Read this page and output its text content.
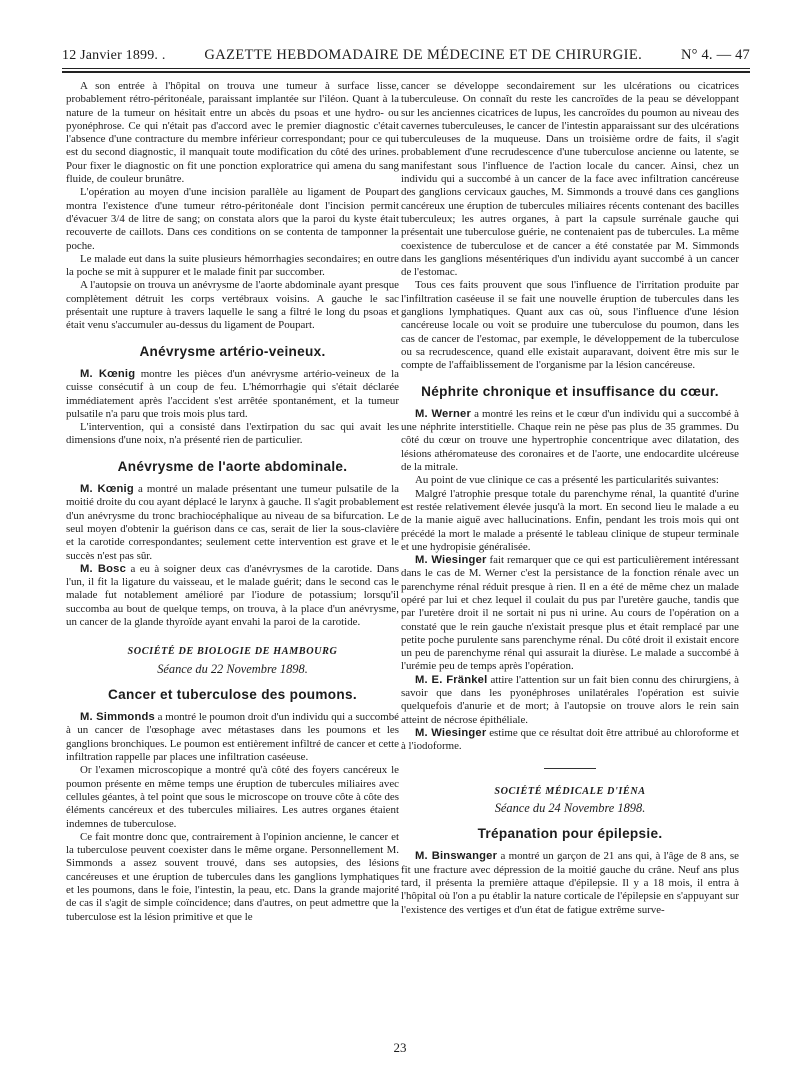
12 Janvier 1899. .	GAZETTE HEBDOMADAIRE DE MÉDECINE ET DE CHIRURGIE.	N° 4. — 47

A son entrée à l'hôpital on trouva une tumeur à surface lisse, probablement rétro-péritonéale, paraissant implantée sur l'iléon. Quant à la nature de la tumeur on hésitait entre un abcès du psoas et une hydro- ou pyonéphrose. Ce qui n'était pas d'accord avec le premier diagnostic c'était l'absence d'une contracture du membre inférieur correspondant; pour ce qui est du second diagnostic, il manquait toute modification du côté des urines. Pour fixer le diagnostic on fit une ponction exploratrice qui amena du sang fluide, de couleur brunâtre.

L'opération au moyen d'une incision parallèle au ligament de Poupart montra l'existence d'une tumeur rétro-péritonéale dont l'incision permit d'évacuer 3/4 de litre de sang; on constata alors que la paroi du kyste était recouverte de caillots. Dans ces conditions on se contenta de tamponner la poche.

Le malade eut dans la suite plusieurs hémorrhagies secondaires; en outre la poche se mit à suppurer et le malade finit par succomber.

A l'autopsie on trouva un anévrysme de l'aorte abdominale ayant presque complètement détruit les corps vertébraux voisins. A gauche le sac présentait une rupture à travers laquelle le sang a filtré le long du psoas et était venu s'accumuler au-dessus du ligament de Poupart.

Anévrysme artério-veineux.

M. Kœnig montre les pièces d'un anévrysme artério-veineux de la cuisse consécutif à un coup de feu. L'hémorrhagie qui s'était déclarée immédiatement après l'accident s'est arrêtée spontanément, et la tumeur pulsatile n'a paru que trois mois plus tard.

L'intervention, qui a consisté dans l'extirpation du sac qui avait les dimensions d'une noix, n'a présenté rien de particulier.

Anévrysme de l'aorte abdominale.

M. Kœnig a montré un malade présentant une tumeur pulsatile de la moitié droite du cou ayant déplacé le larynx à gauche. Il s'agit probablement d'un anévrysme du tronc brachiocéphalique au niveau de sa bifurcation. Le seul moyen d'obtenir la guérison dans ce cas, serait de lier la sous-clavière et la carotide correspondantes; seulement cette intervention est grave et le succès n'est pas sûr.

M. Bosc a eu à soigner deux cas d'anévrysmes de la carotide. Dans l'un, il fit la ligature du vaisseau, et le malade guérit; dans le second cas le malade fut notablement amélioré par l'iodure de potassium; lorsqu'il succomba au bout de quelque temps, on trouva, à la place d'un anévrysme, un cancer de la glande thyroïde ayant envahi la paroi de la carotide.

SOCIÉTÉ DE BIOLOGIE DE HAMBOURG
Séance du 22 Novembre 1898.
Cancer et tuberculose des poumons.

M. Simmonds a montré le poumon droit d'un individu qui a succombé à un cancer de l'œsophage avec métastases dans les poumons et les ganglions bronchiques. Le poumon est entièrement infiltré de cancer et cette infiltration rappelle par places une infiltration caséeuse.

Or l'examen microscopique a montré qu'à côté des foyers cancéreux le poumon présente en même temps une éruption de tubercules miliaires avec cellules géantes, à tel point que sous le microscope on trouve côte à côte des éléments cancéreux et des tubercules miliaires. Les autres organes étaient indemnes de tuberculose.

Ce fait montre donc que, contrairement à l'opinion ancienne, le cancer et la tuberculose peuvent coexister dans le même organe. Personnellement M. Simmonds a assez souvent trouvé, dans ses autopsies, des lésions cancéreuses et une éruption de tubercules dans les ganglions lymphatiques et les poumons, dans le foie, l'intestin, la peau, etc. Dans la grande majorité de cas il s'agit de simple coïncidence; dans d'autres, on peut admettre que la tuberculose est la lésion primitive et que le

cancer se développe secondairement sur les ulcérations ou cicatrices tuberculeuse. On connaît du reste les cancroïdes de la peau se développant sur les anciennes cicatrices de lupus, les cancroïdes du poumon au niveau des cavernes tuberculeuses, le cancer de l'intestin apparaissant sur des ulcérations tuberculeuses de la muqueuse. Dans un troisième ordre de faits, il s'agit probablement d'une recrudescence d'une tuberculose ancienne ou latente, se manifestant sous l'influence de l'action locale du cancer. Ainsi, chez un individu qui a succombé à un cancer de la face avec infiltration cancéreuse des ganglions cervicaux gauches, M. Simmonds a trouvé dans ces ganglions cancéreux une éruption de tubercules miliaires récents contenant des bacilles tuberculeux; les autres organes, à part la capsule surrénale gauche qui présentait une tuberculose guérie, ne contenaient pas de tubercules. La même coexistence de tuberculose et de cancer a été constatée par M. Simmonds dans les ganglions mésentériques d'un individu ayant succombé à un cancer de l'estomac.

Tous ces faits prouvent que sous l'influence de l'irritation produite par l'infiltration caséeuse il se fait une nouvelle éruption de tubercules dans les ganglions lymphatiques. Quant aux cas où, sous l'influence d'une lésion cancéreuse locale ou voit se produire une tuberculose du poumon, dans les cas de cancer de l'estomac, par exemple, le développement de la tuberculose ou sa recrudescence, quand elle existait auparavant, doivent être mis sur le compte de l'affaiblissement de l'organisme par la lésion cancéreuse.

Néphrite chronique et insuffisance du cœur.

M. Werner a montré les reins et le cœur d'un individu qui a succombé à une néphrite interstitielle. Chaque rein ne pèse pas plus de 35 grammes. Du côté du cœur on trouve une hypertrophie concentrique avec dilatation, des lésions athéromateuse des coronaires et de l'aorte, une endocardite ulcéreuse de la mitrale.

Au point de vue clinique ce cas a présenté les particularités suivantes:

Malgré l'atrophie presque totale du parenchyme rénal, la quantité d'urine est restée relativement élevée jusqu'à la mort. En second lieu le malade a eu de la manie aiguë avec hallucinations. Enfin, pendant les trois mois qui ont précédé la mort le malade a présenté le tableau clinique de stupeur terminale et une hydropisie généralisée.

M. Wiesinger fait remarquer que ce qui est particulièrement intéressant dans le cas de M. Werner c'est la persistance de la fonction rénale avec un parenchyme rénal réduit presque à rien. Il en a été de même chez un malade opéré par lui et chez lequel il coulait du pus par l'uretère gauche, tandis que par l'uretère droit il ne sortait ni pus ni urine. Au cours de l'opération on a constaté que le rein gauche n'existait presque plus et était remplacé par une petite poche purulente sans parenchyme rénal. Du côté droit il existait encore un peu de parenchyme rénal qui assurait la diurèse. Le malade a succombé à l'urémie peu de temps après l'opération.

M. E. Fränkel attire l'attention sur un fait bien connu des chirurgiens, à savoir que dans les pyonéphroses unilatérales l'opération est suivie quelquefois d'anurie et de mort; à l'autopsie on trouve alors le rein sain atteint de nécrose épithéliale.

M. Wiesinger estime que ce résultat doit être attribué au chloroforme et à l'iodoforme.

SOCIÉTÉ MÉDICALE D'IÉNA
Séance du 24 Novembre 1898.
Trépanation pour épilepsie.

M. Binswanger a montré un garçon de 21 ans qui, à l'âge de 8 ans, se fit une fracture avec dépression de la moitié gauche du crâne. Neuf ans plus tard, il présenta la première attaque d'épilepsie. Il y a 18 mois, il entra à l'hôpital où l'on a pu établir la nature corticale de l'épilepsie en s'appuyant sur l'existence des vertiges et d'un état de fatigue extrême surve-

23
